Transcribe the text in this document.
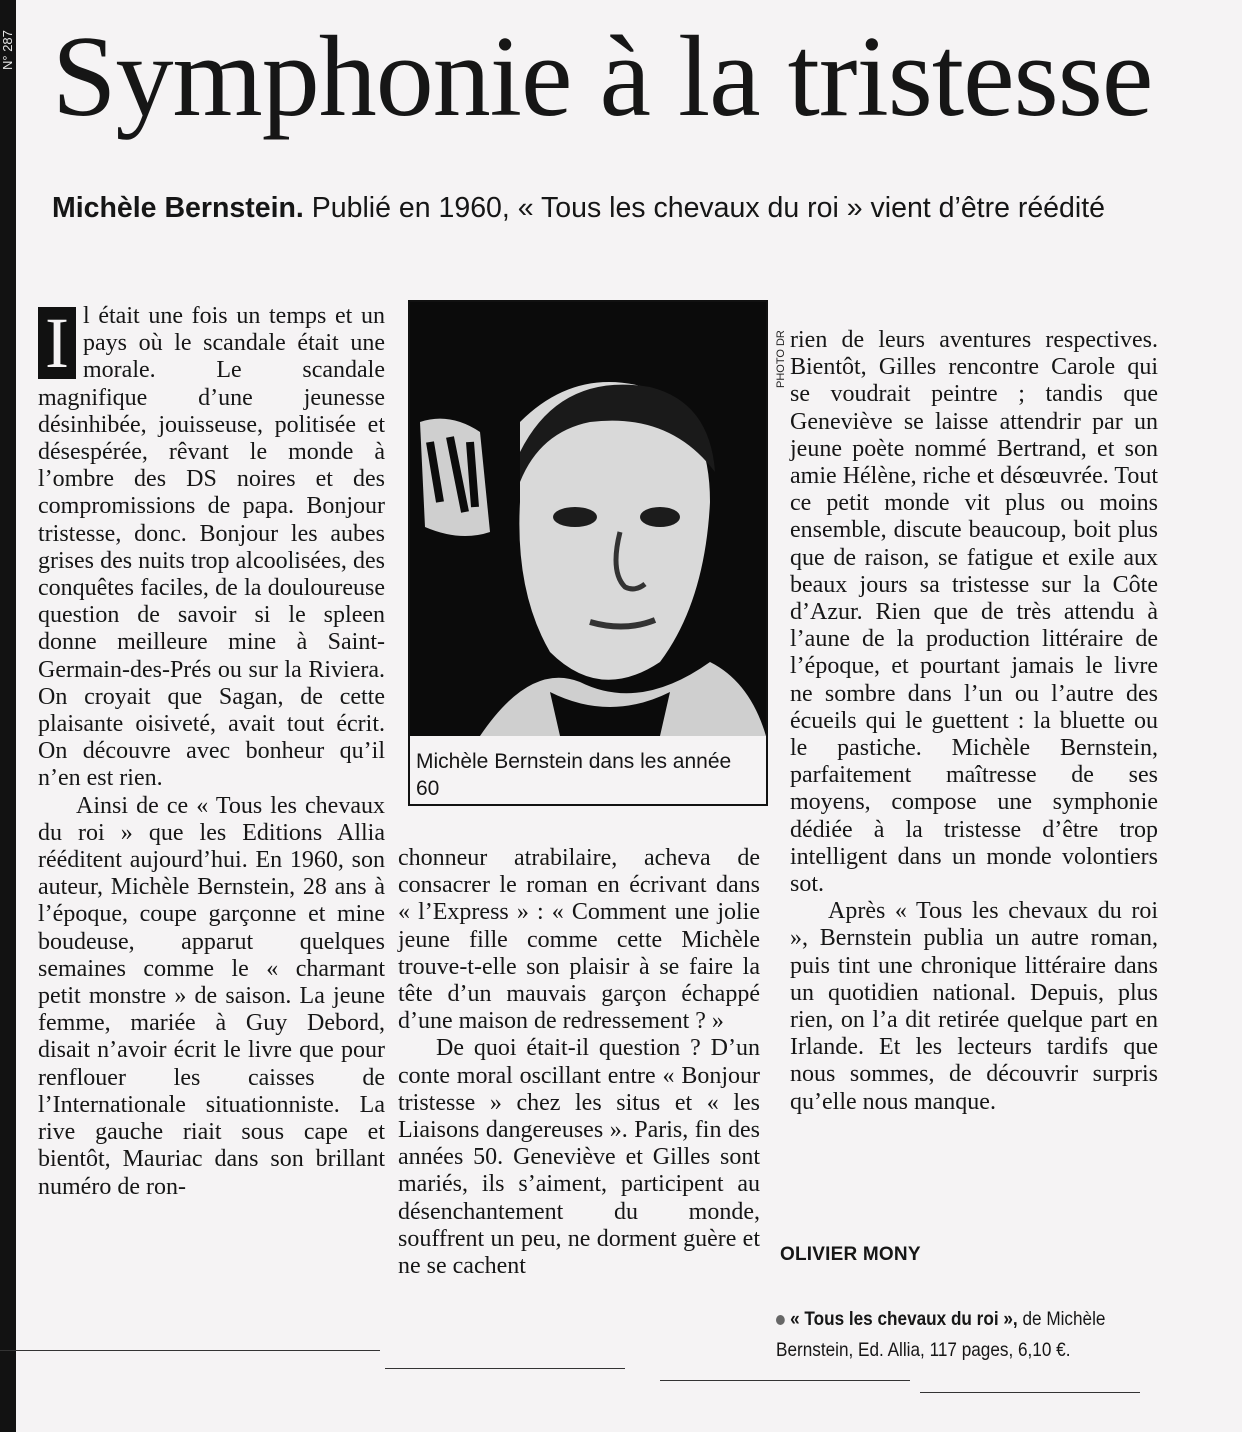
N° 287 Symphonie à la tristesse

Michèle Bernstein. Publié en 1960, « Tous les chevaux du roi » vient d’être réédité

I l était une fois un temps et un pays où le scandale était une morale. Le scandale magnifique d’une jeunesse désinhibée, jouisseuse, politisée et désespérée, rêvant le monde à l’ombre des DS noires et des compromissions de papa. Bonjour tristesse, donc. Bonjour les aubes grises des nuits trop alcoolisées, des conquêtes faciles, de la douloureuse question de savoir si le spleen donne meilleure mine à Saint-Germain-des-Prés ou sur la Riviera. On croyait que Sagan, de cette plaisante oisiveté, avait tout écrit. On découvre avec bonheur qu’il n’en est rien.

Ainsi de ce « Tous les chevaux du roi » que les Editions Allia rééditent aujourd’hui. En 1960, son auteur, Michèle Bernstein, 28 ans à l’époque, coupe garçonne et mine boudeuse, apparut quelques semaines comme le « charmant petit monstre » de saison. La jeune femme, mariée à Guy Debord, disait n’avoir écrit le livre que pour renflouer les caisses de l’Internationale situationniste. La rive gauche riait sous cape et bientôt, Mauriac dans son brillant numéro de ron-

Michèle Bernstein dans les année 60

PHOTO DR

chonneur atrabilaire, acheva de consacrer le roman en écrivant dans « l’Express » : « Comment une jolie jeune fille comme cette Michèle trouve-t-elle son plaisir à se faire la tête d’un mauvais garçon échappé d’une maison de redressement ? »

De quoi était-il question ? D’un conte moral oscillant entre « Bonjour tristesse » chez les situs et « les Liaisons dangereuses ». Paris, fin des années 50. Geneviève et Gilles sont mariés, ils s’aiment, participent au désenchantement du monde, souffrent un peu, ne dorment guère et ne se cachent

rien de leurs aventures respectives. Bientôt, Gilles rencontre Carole qui se voudrait peintre ; tandis que Geneviève se laisse attendrir par un jeune poète nommé Bertrand, et son amie Hélène, riche et désœuvrée. Tout ce petit monde vit plus ou moins ensemble, discute beaucoup, boit plus que de raison, se fatigue et exile aux beaux jours sa tristesse sur la Côte d’Azur. Rien que de très attendu à l’aune de la production littéraire de l’époque, et pourtant jamais le livre ne sombre dans l’un ou l’autre des écueils qui le guettent : la bluette ou le pastiche. Michèle Bernstein, parfaitement maîtresse de ses moyens, compose une symphonie dédiée à la tristesse d’être trop intelligent dans un monde volontiers sot.

Après « Tous les chevaux du roi », Bernstein publia un autre roman, puis tint une chronique littéraire dans un quotidien national. Depuis, plus rien, on l’a dit retirée quelque part en Irlande. Et les lecteurs tardifs que nous sommes, de découvrir surpris qu’elle nous manque.

OLIVIER MONY

« Tous les chevaux du roi », de Michèle Bernstein, Ed. Allia, 117 pages, 6,10 €.
